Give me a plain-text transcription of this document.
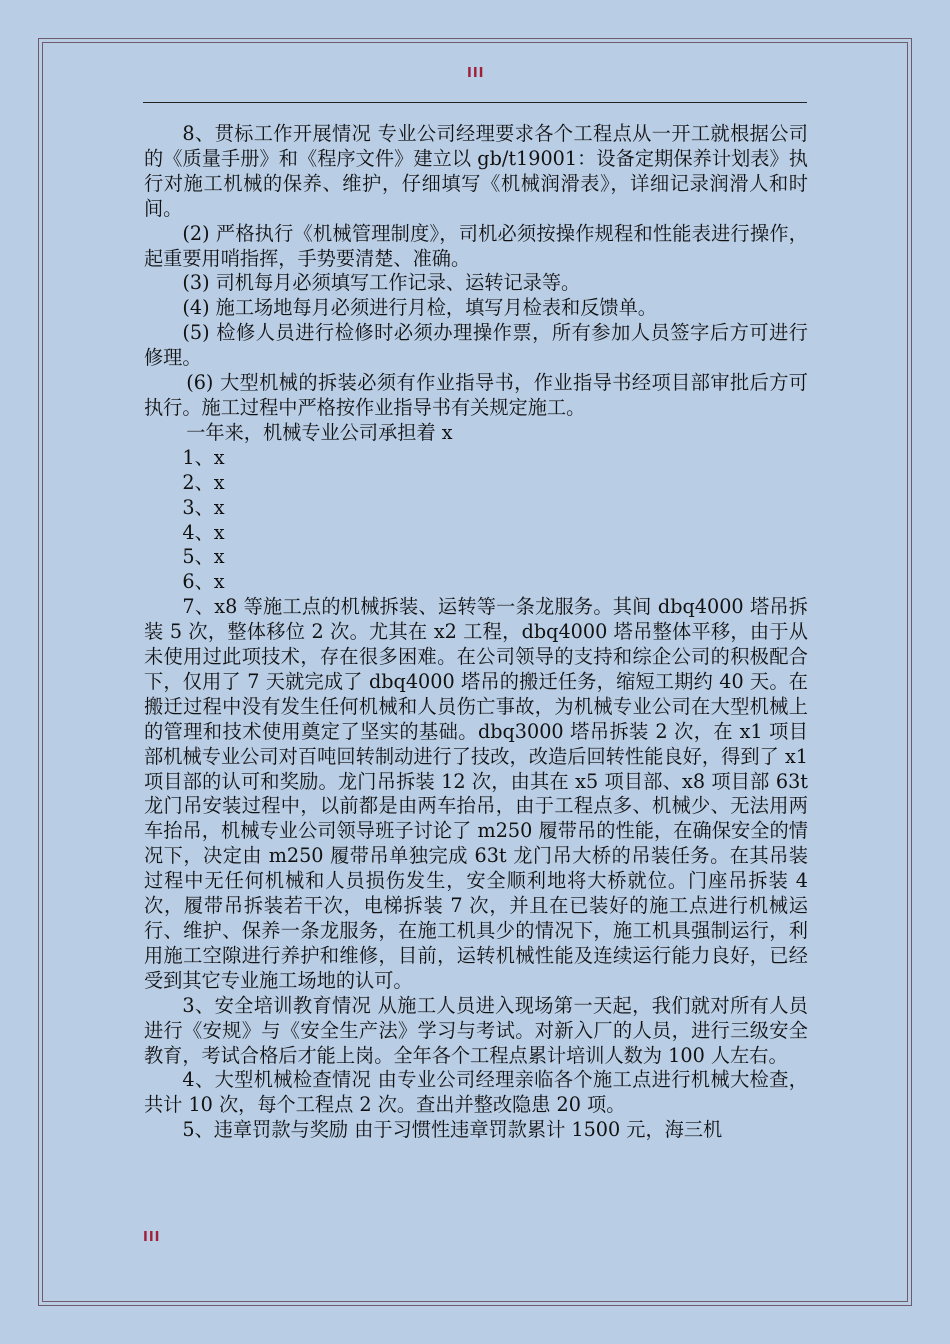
III

8、贯标工作开展情况 专业公司经理要求各个工程点从一开工就根据公司的《质量手册》和《程序文件》建立以 gb/t19001：设备定期保养计划表》执行对施工机械的保养、维护，仔细填写《机械润滑表》，详细记录润滑人和时间。

(2) 严格执行《机械管理制度》，司机必须按操作规程和性能表进行操作，起重要用哨指挥，手势要清楚、准确。

(3) 司机每月必须填写工作记录、运转记录等。

(4) 施工场地每月必须进行月检，填写月检表和反馈单。

(5) 检修人员进行检修时必须办理操作票，所有参加人员签字后方可进行修理。

(6) 大型机械的拆装必须有作业指导书，作业指导书经项目部审批后方可执行。施工过程中严格按作业指导书有关规定施工。

一年来，机械专业公司承担着 x

1、x

2、x

3、x

4、x

5、x

6、x

7、x8 等施工点的机械拆装、运转等一条龙服务。其间 dbq4000 塔吊拆装 5 次，整体移位 2 次。尤其在 x2 工程，dbq4000 塔吊整体平移，由于从未使用过此项技术，存在很多困难。在公司领导的支持和综企公司的积极配合下，仅用了 7 天就完成了 dbq4000 塔吊的搬迁任务，缩短工期约 40 天。在搬迁过程中没有发生任何机械和人员伤亡事故，为机械专业公司在大型机械上的管理和技术使用奠定了坚实的基础。dbq3000 塔吊拆装 2 次，在 x1 项目部机械专业公司对百吨回转制动进行了技改，改造后回转性能良好，得到了 x1 项目部的认可和奖励。龙门吊拆装 12 次，由其在 x5 项目部、x8 项目部 63t 龙门吊安装过程中，以前都是由两车抬吊，由于工程点多、机械少、无法用两车抬吊，机械专业公司领导班子讨论了 m250 履带吊的性能，在确保安全的情况下，决定由 m250 履带吊单独完成 63t 龙门吊大桥的吊装任务。在其吊装过程中无任何机械和人员损伤发生，安全顺利地将大桥就位。门座吊拆装 4 次，履带吊拆装若干次，电梯拆装 7 次，并且在已装好的施工点进行机械运行、维护、保养一条龙服务，在施工机具少的情况下，施工机具强制运行，利用施工空隙进行养护和维修，目前，运转机械性能及连续运行能力良好，已经受到其它专业施工场地的认可。

3、安全培训教育情况 从施工人员进入现场第一天起，我们就对所有人员进行《安规》与《安全生产法》学习与考试。对新入厂的人员，进行三级安全教育，考试合格后才能上岗。全年各个工程点累计培训人数为 100 人左右。

4、大型机械检查情况 由专业公司经理亲临各个施工点进行机械大检查，共计 10 次，每个工程点 2 次。查出并整改隐患 20 项。

5、违章罚款与奖励 由于习惯性违章罚款累计 1500 元，海三机

III
